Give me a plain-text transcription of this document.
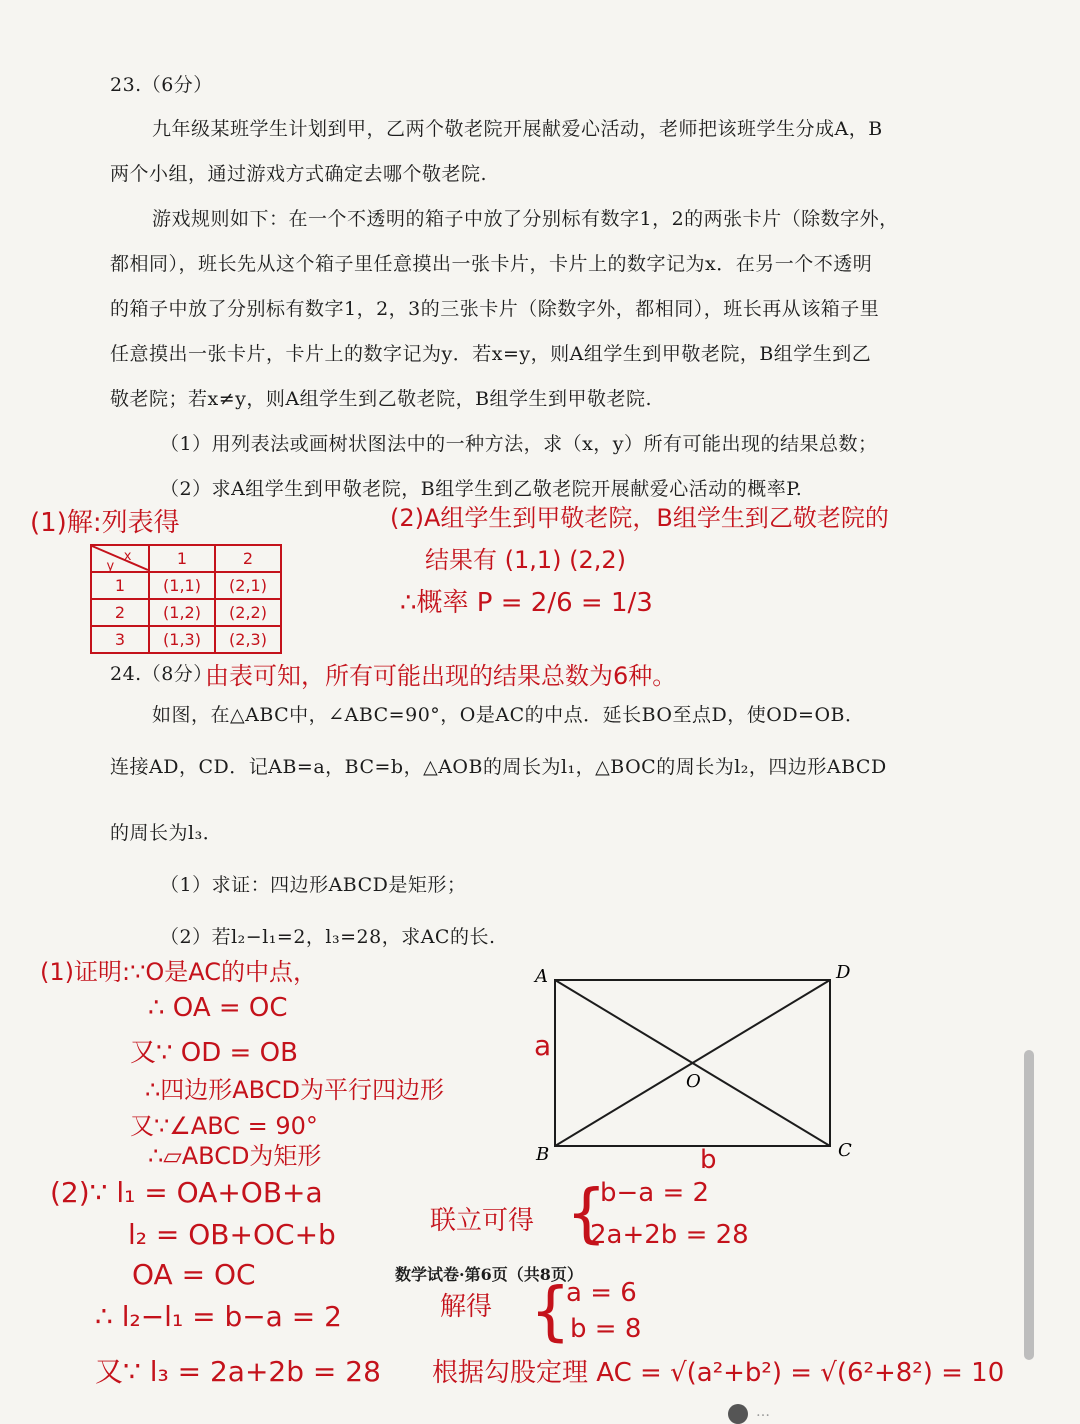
23.（6分）
九年级某班学生计划到甲，乙两个敬老院开展献爱心活动，老师把该班学生分成A，B
两个小组，通过游戏方式确定去哪个敬老院.
游戏规则如下：在一个不透明的箱子中放了分别标有数字1，2的两张卡片（除数字外，
都相同），班长先从这个箱子里任意摸出一张卡片，卡片上的数字记为x．在另一个不透明
的箱子中放了分别标有数字1，2，3的三张卡片（除数字外，都相同），班长再从该箱子里
任意摸出一张卡片，卡片上的数字记为y．若x=y，则A组学生到甲敬老院，B组学生到乙
敬老院；若x≠y，则A组学生到乙敬老院，B组学生到甲敬老院.
（1）用列表法或画树状图法中的一种方法，求（x，y）所有可能出现的结果总数；
（2）求A组学生到甲敬老院，B组学生到乙敬老院开展献爱心活动的概率P.
(1)解:列表得
$^x$ $_y$	1	2
1	(1,1)	(2,1)
2	(1,2)	(2,2)
3	(1,3)	(2,3)
(2)A组学生到甲敬老院，B组学生到乙敬老院的
结果有 (1,1) (2,2)
∴概率 P = 2/6 = 1/3
24.（8分）
由表可知，所有可能出现的结果总数为6种。
如图，在△ABC中，∠ABC=90°，O是AC的中点．延长BO至点D，使OD=OB．
连接AD，CD．记AB=a，BC=b，△AOB的周长为l₁，△BOC的周长为l₂，四边形ABCD
的周长为l₃．
（1）求证：四边形ABCD是矩形；
（2）若l₂−l₁=2，l₃=28，求AC的长.
A	D
B	C
O
a
b
(1)证明:∵O是AC的中点，
∴ OA = OC
又∵ OD = OB
∴四边形ABCD为平行四边形
又∵∠ABC = 90°
∴▱ABCD为矩形
(2)∵ l₁ = OA+OB+a
l₂ = OB+OC+b
OA = OC
∴ l₂−l₁ = b−a = 2
又∵ l₃ = 2a+2b = 28
联立可得 {
b−a = 2
2a+2b = 28
数学试卷·第6页（共8页）
解得 {
a = 6
b = 8
根据勾股定理 AC = √(a²+b²) = √(6²+8²) = 10
…
